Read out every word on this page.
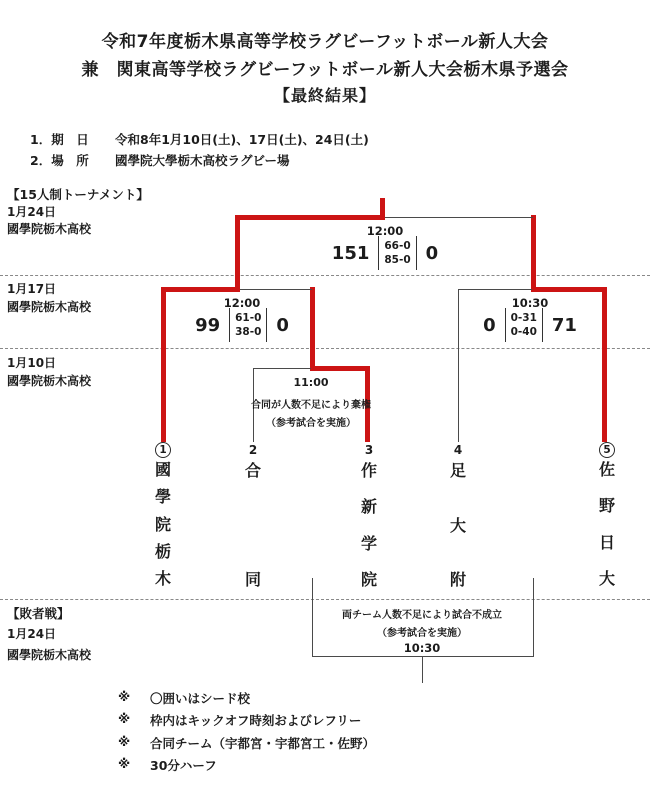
令和7年度栃木県高等学校ラグビーフットボール新人大会
兼　関東高等学校ラグビーフットボール新人大会栃木県予選会
【最終結果】
1．期　日 令和8年1月10日(土)、17日(土)、24日(土)
2．場　所 國學院大學栃木高校ラグビー場
【15人制トーナメント】
1月24日
國學院栃木高校
1月17日
國學院栃木高校
1月10日
國學院栃木高校
12:00
151 66-0
85-0 0
12:00
99 61-0
38-0 0
10:30
0 0-31
0-40 71
11:00
合同が人数不足により棄権
（参考試合を実施）
1
國
學
院
栃
木
2
合
同
3
作
新
学
院
4
足
大
附
5
佐
野
日
大
【敗者戦】
1月24日
國學院栃木高校
両チーム人数不足により試合不成立
（参考試合を実施）
10:30
※ 〇囲いはシード校
※ 枠内はキックオフ時刻およびレフリー
※ 合同チーム（宇都宮・宇都宮工・佐野）
※ 30分ハーフ
